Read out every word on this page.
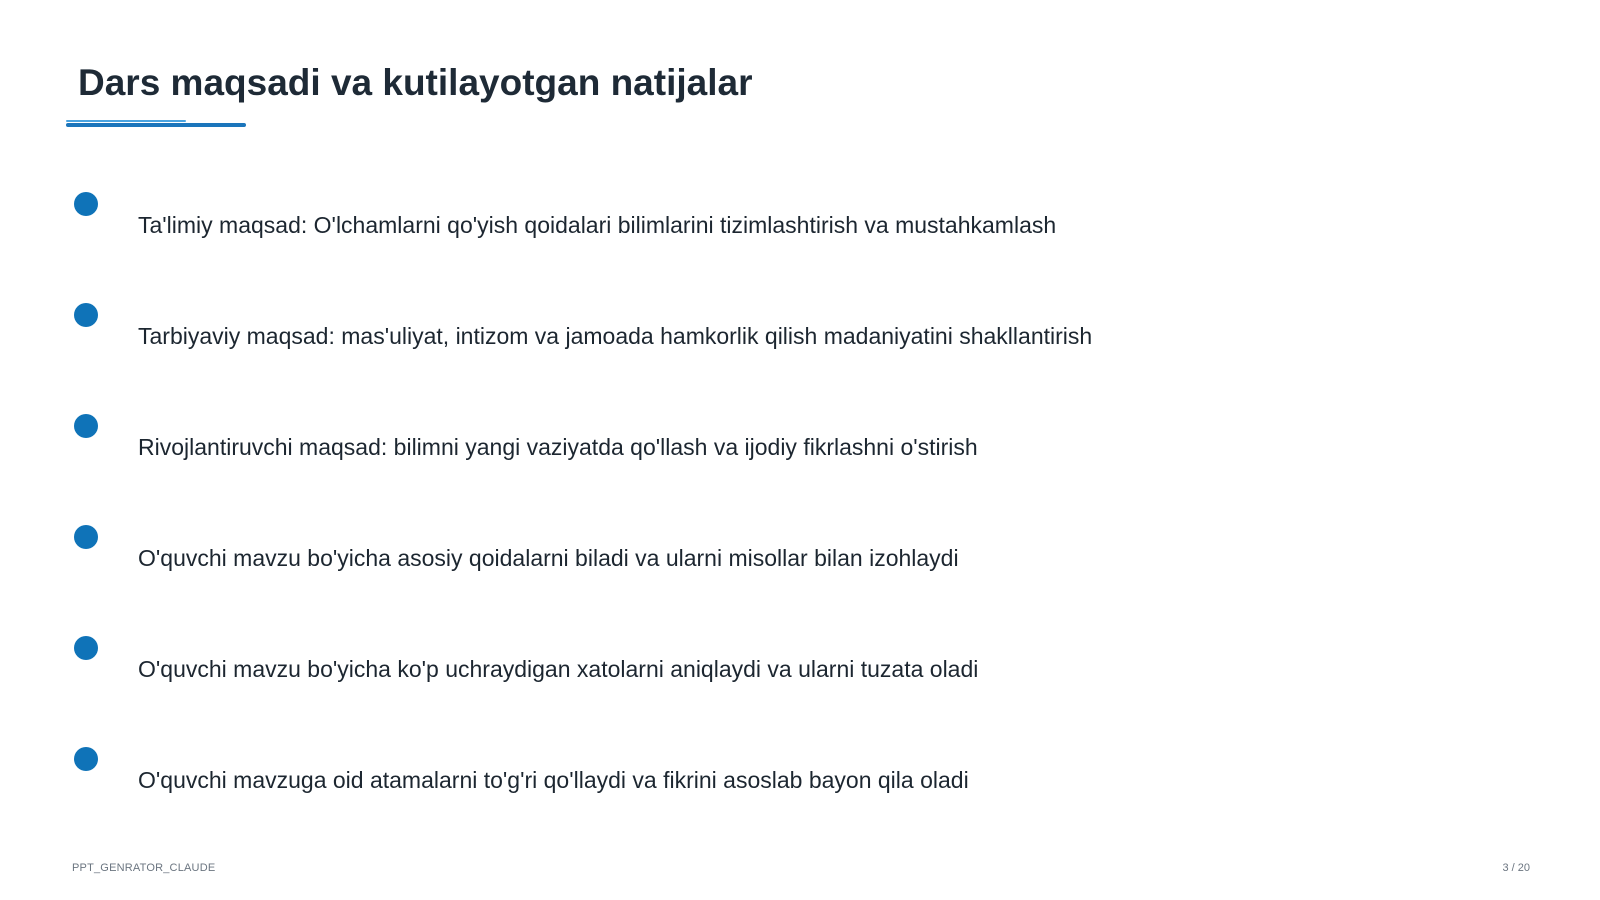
Dars maqsadi va kutilayotgan natijalar
Ta'limiy maqsad: O'lchamlarni qo'yish qoidalari bilimlarini tizimlashtirish va mustahkamlash
Tarbiyaviy maqsad: mas'uliyat, intizom va jamoada hamkorlik qilish madaniyatini shakllantirish
Rivojlantiruvchi maqsad: bilimni yangi vaziyatda qo'llash va ijodiy fikrlashni o'stirish
O'quvchi mavzu bo'yicha asosiy qoidalarni biladi va ularni misollar bilan izohlaydi
O'quvchi mavzu bo'yicha ko'p uchraydigan xatolarni aniqlaydi va ularni tuzata oladi
O'quvchi mavzuga oid atamalarni to'g'ri qo'llaydi va fikrini asoslab bayon qila oladi
PPT_GENRATOR_CLAUDE	3 / 20
